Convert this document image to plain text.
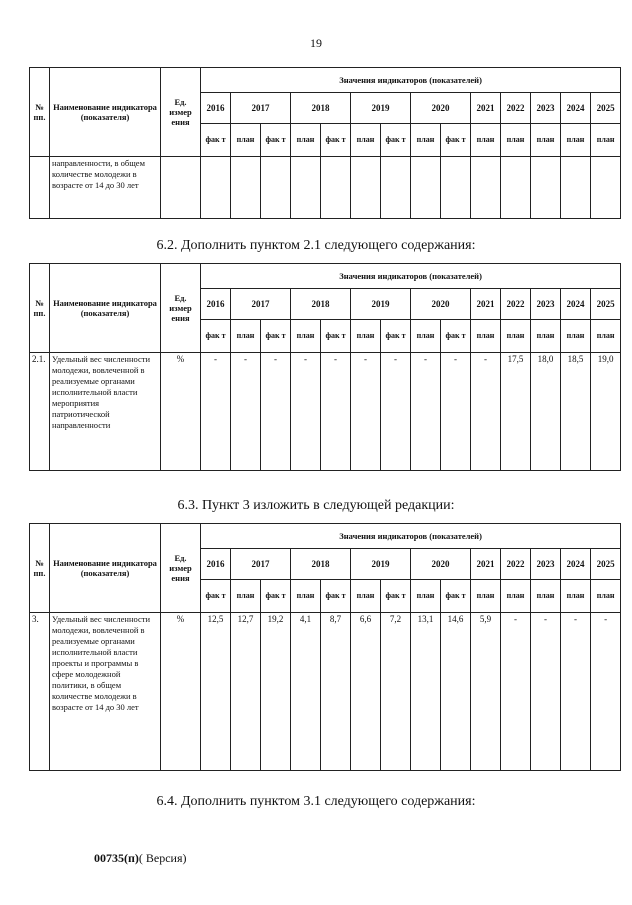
19
№ пп.	Наименование индикатора (показателя)	Ед. измер ения	Значения индикаторов (показателей)													
			2016	2017		2018		2019		2020		2021	2022	2023	2024	2025
			фак т	план	фак т	план	фак т	план	фак т	план	фак т	план	план	план	план	план
	направленности, в общем количестве молодежи в возрасте от 14 до 30 лет															
6.2. Дополнить пунктом 2.1 следующего содержания:
№ пп.	Наименование индикатора (показателя)	Ед. измер ения	Значения индикаторов (показателей)													
			2016	2017		2018		2019		2020		2021	2022	2023	2024	2025
			фак т	план	фак т	план	фак т	план	фак т	план	фак т	план	план	план	план	план
2.1.	Удельный вес численности молодежи, вовлеченной в реализуемые органами исполнительной власти мероприятия патриотической направленности	%	-	-	-	-	-	-	-	-	-	-	17,5	18,0	18,5	19,0
6.3. Пункт 3 изложить в следующей редакции:
№ пп.	Наименование индикатора (показателя)	Ед. измер ения	Значения индикаторов (показателей)													
			2016	2017		2018		2019		2020		2021	2022	2023	2024	2025
			фак т	план	фак т	план	фак т	план	фак т	план	фак т	план	план	план	план	план
3.	Удельный вес численности молодежи, вовлеченной в реализуемые органами исполнительной власти проекты и программы в сфере молодежной политики, в общем количестве молодежи в возрасте от 14 до 30 лет	%	12,5	12,7	19,2	4,1	8,7	6,6	7,2	13,1	14,6	5,9	-	-	-	-
6.4. Дополнить пунктом 3.1 следующего содержания:
00735(п)( Версия)
